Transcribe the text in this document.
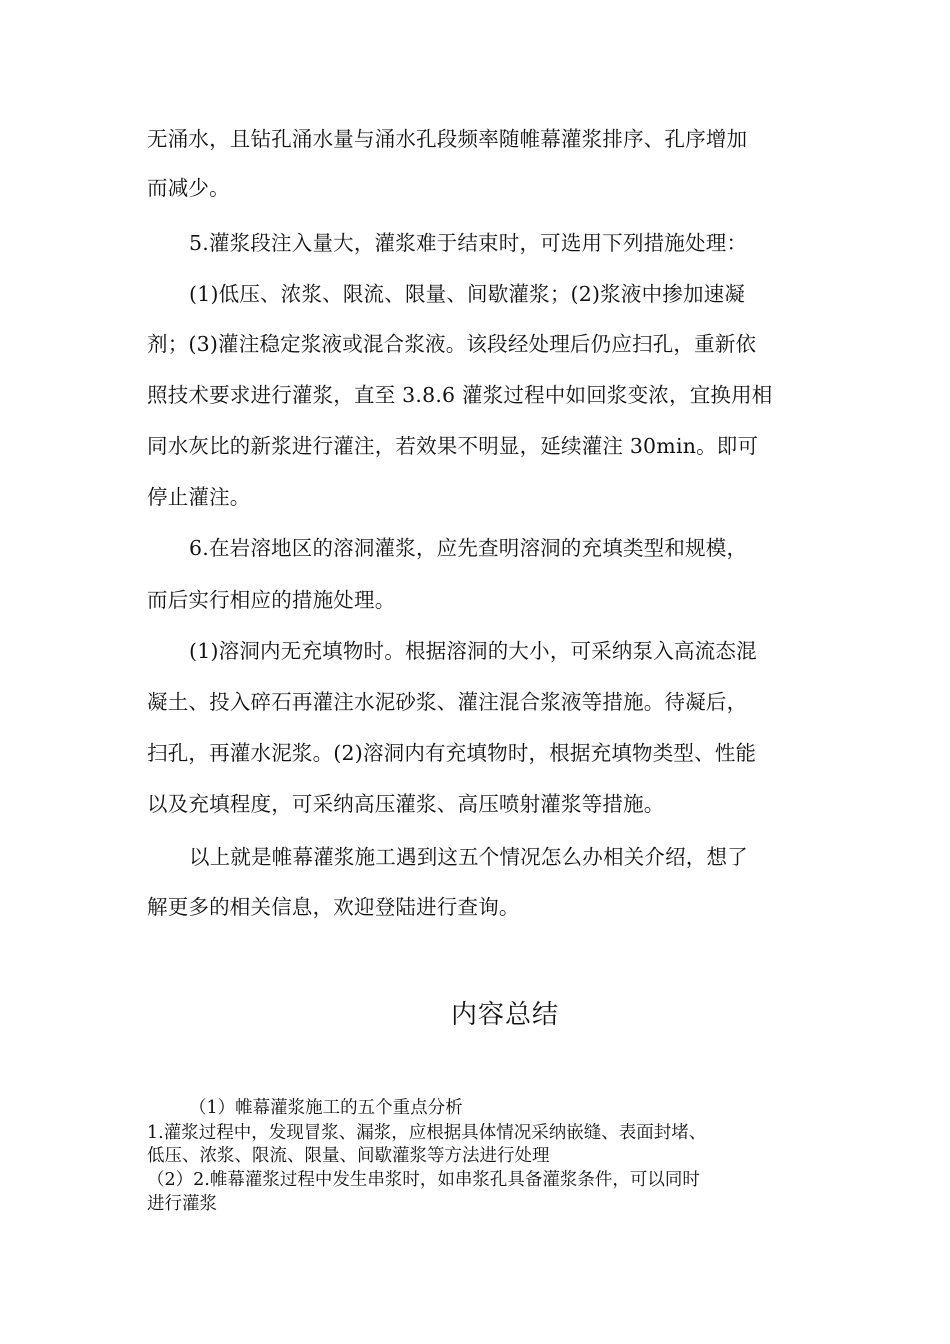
无涌水，且钻孔涌水量与涌水孔段频率随帷幕灌浆排序、孔序增加
而减少。
5.灌浆段注入量大，灌浆难于结束时，可选用下列措施处理：
(1)低压、浓浆、限流、限量、间歇灌浆；(2)浆液中掺加速凝
剂；(3)灌注稳定浆液或混合浆液。该段经处理后仍应扫孔，重新依
照技术要求进行灌浆，直至 3.8.6 灌浆过程中如回浆变浓，宜换用相
同水灰比的新浆进行灌注，若效果不明显，延续灌注 30min。即可
停止灌注。
6.在岩溶地区的溶洞灌浆，应先查明溶洞的充填类型和规模，
而后实行相应的措施处理。
(1)溶洞内无充填物时。根据溶洞的大小，可采纳泵入高流态混
凝土、投入碎石再灌注水泥砂浆、灌注混合浆液等措施。待凝后，
扫孔，再灌水泥浆。(2)溶洞内有充填物时，根据充填物类型、性能
以及充填程度，可采纳高压灌浆、高压喷射灌浆等措施。
以上就是帷幕灌浆施工遇到这五个情况怎么办相关介绍，想了
解更多的相关信息，欢迎登陆进行查询。
内容总结
（1）帷幕灌浆施工的五个重点分析
1.灌浆过程中，发现冒浆、漏浆，应根据具体情况采纳嵌缝、表面封堵、
低压、浓浆、限流、限量、间歇灌浆等方法进行处理
（2）2.帷幕灌浆过程中发生串浆时，如串浆孔具备灌浆条件，可以同时
进行灌浆
